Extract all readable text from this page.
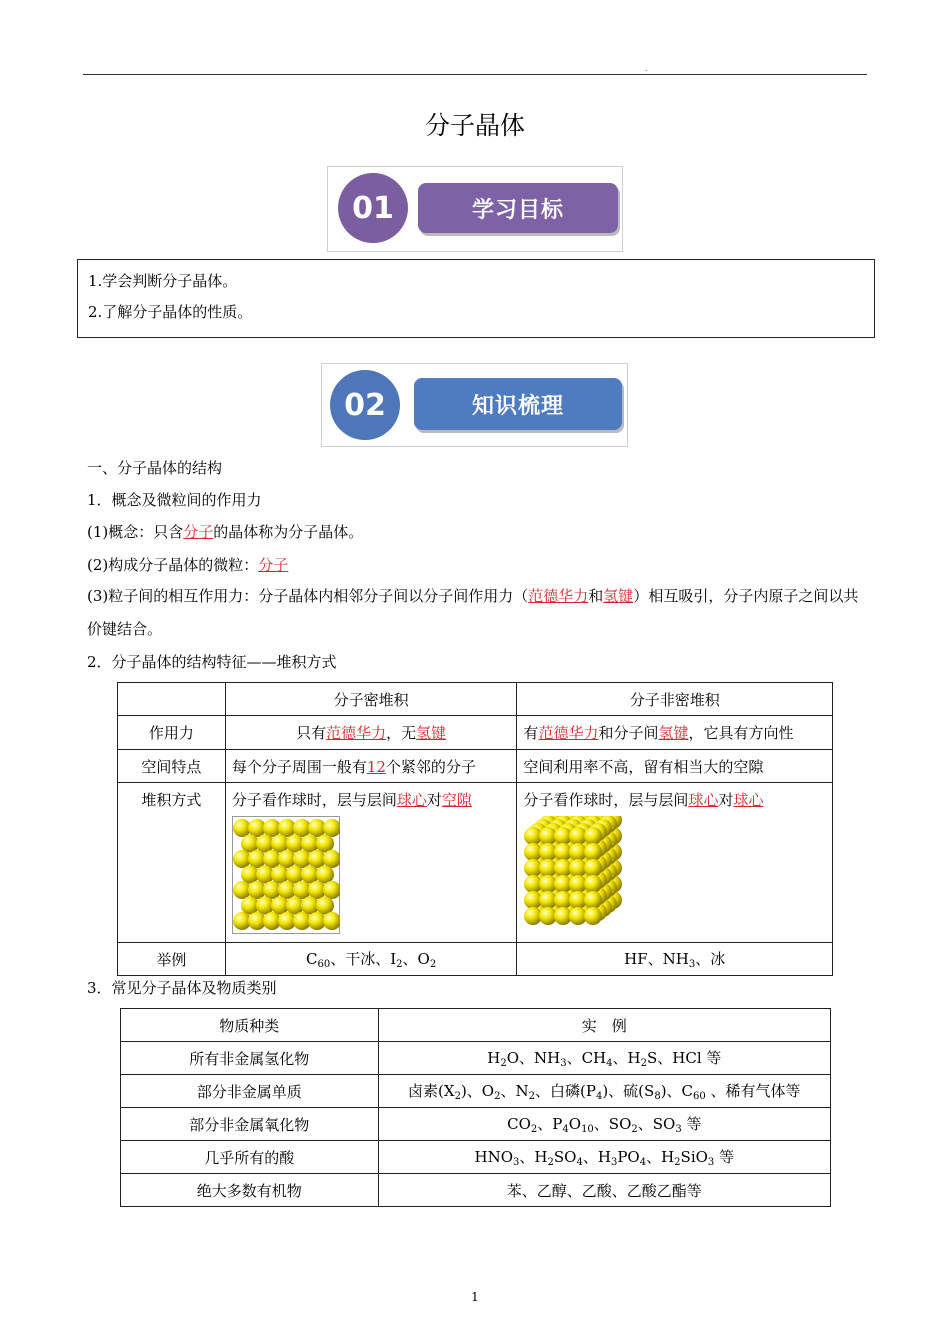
.
分子晶体
01	学习目标

1.学会判断分子晶体。

2.了解分子晶体的性质。

02	知识梳理
一、分子晶体的结构
1．概念及微粒间的作用力
(1)概念：只含分子的晶体称为分子晶体。
(2)构成分子晶体的微粒：分子
(3)粒子间的相互作用力：分子晶体内相邻分子间以分子间作用力（范德华力和氢键）相互吸引，分子内原子之间以共价键结合。
2．分子晶体的结构特征——堆积方式
	分子密堆积	分子非密堆积
作用力	只有范德华力，无氢键	有范德华力和分子间氢键，它具有方向性
空间特点	每个分子周围一般有12个紧邻的分子	空间利用率不高，留有相当大的空隙
堆积方式	分子看作球时，层与层间球心对空隙	分子看作球时，层与层间球心对球心

举例	$C_{60}$、干冰、$I_2$、$O_2$	HF、$NH_3$、冰
3．常见分子晶体及物质类别
物质种类	实　例
所有非金属氢化物	$H_2O$、$NH_3$、$CH_4$、$H_2S$、HCl 等
部分非金属单质	卤素$(X_2)$、$O_2$、$N_2$、白磷$(P_4)$、硫$(S_8)$、$C_{60}$ 、稀有气体等
部分非金属氧化物	$CO_2$、$P_4O_{10}$、$SO_2$、$SO_3$ 等
几乎所有的酸	$HNO_3$、$H_2SO_4$、$H_3PO_4$、$H_2SiO_3$ 等
绝大多数有机物	苯、乙醇、乙酸、乙酸乙酯等
1
